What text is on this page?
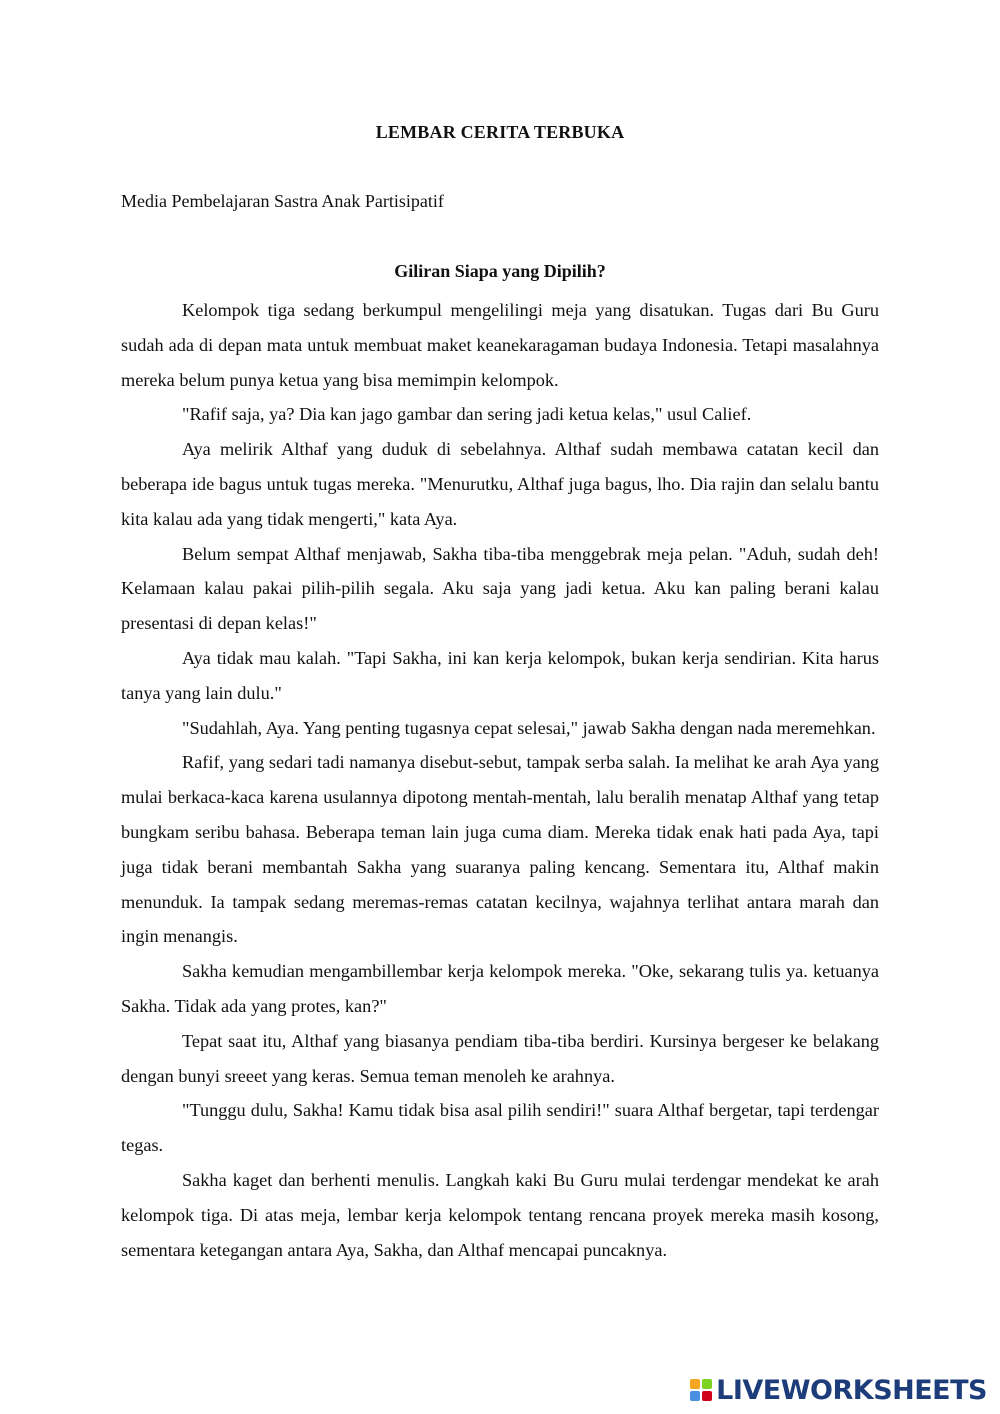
LEMBAR CERITA TERBUKA
Media Pembelajaran Sastra Anak Partisipatif
Giliran Siapa yang Dipilih?

Kelompok tiga sedang berkumpul mengelilingi meja yang disatukan. Tugas dari Bu Guru sudah ada di depan mata untuk membuat maket keanekaragaman budaya Indonesia. Tetapi masalahnya mereka belum punya ketua yang bisa memimpin kelompok.

"Rafif saja, ya? Dia kan jago gambar dan sering jadi ketua kelas," usul Calief.

Aya melirik Althaf yang duduk di sebelahnya. Althaf sudah membawa catatan kecil dan beberapa ide bagus untuk tugas mereka. "Menurutku, Althaf juga bagus, lho. Dia rajin dan selalu bantu kita kalau ada yang tidak mengerti," kata Aya.

Belum sempat Althaf menjawab, Sakha tiba-tiba menggebrak meja pelan. "Aduh, sudah deh! Kelamaan kalau pakai pilih-pilih segala. Aku saja yang jadi ketua. Aku kan paling berani kalau presentasi di depan kelas!"

Aya tidak mau kalah. "Tapi Sakha, ini kan kerja kelompok, bukan kerja sendirian. Kita harus tanya yang lain dulu."

"Sudahlah, Aya. Yang penting tugasnya cepat selesai," jawab Sakha dengan nada meremehkan.

Rafif, yang sedari tadi namanya disebut-sebut, tampak serba salah. Ia melihat ke arah Aya yang mulai berkaca-kaca karena usulannya dipotong mentah-mentah, lalu beralih menatap Althaf yang tetap bungkam seribu bahasa. Beberapa teman lain juga cuma diam. Mereka tidak enak hati pada Aya, tapi juga tidak berani membantah Sakha yang suaranya paling kencang. Sementara itu, Althaf makin menunduk. Ia tampak sedang meremas-remas catatan kecilnya, wajahnya terlihat antara marah dan ingin menangis.

Sakha kemudian mengambillembar kerja kelompok mereka. "Oke, sekarang tulis ya. ketuanya Sakha. Tidak ada yang protes, kan?"

Tepat saat itu, Althaf yang biasanya pendiam tiba-tiba berdiri. Kursinya bergeser ke belakang dengan bunyi sreeet yang keras. Semua teman menoleh ke arahnya.

"Tunggu dulu, Sakha! Kamu tidak bisa asal pilih sendiri!" suara Althaf bergetar, tapi terdengar tegas.

Sakha kaget dan berhenti menulis. Langkah kaki Bu Guru mulai terdengar mendekat ke arah kelompok tiga. Di atas meja, lembar kerja kelompok tentang rencana proyek mereka masih kosong, sementara ketegangan antara Aya, Sakha, dan Althaf mencapai puncaknya.

LIVEWORKSHEETS
